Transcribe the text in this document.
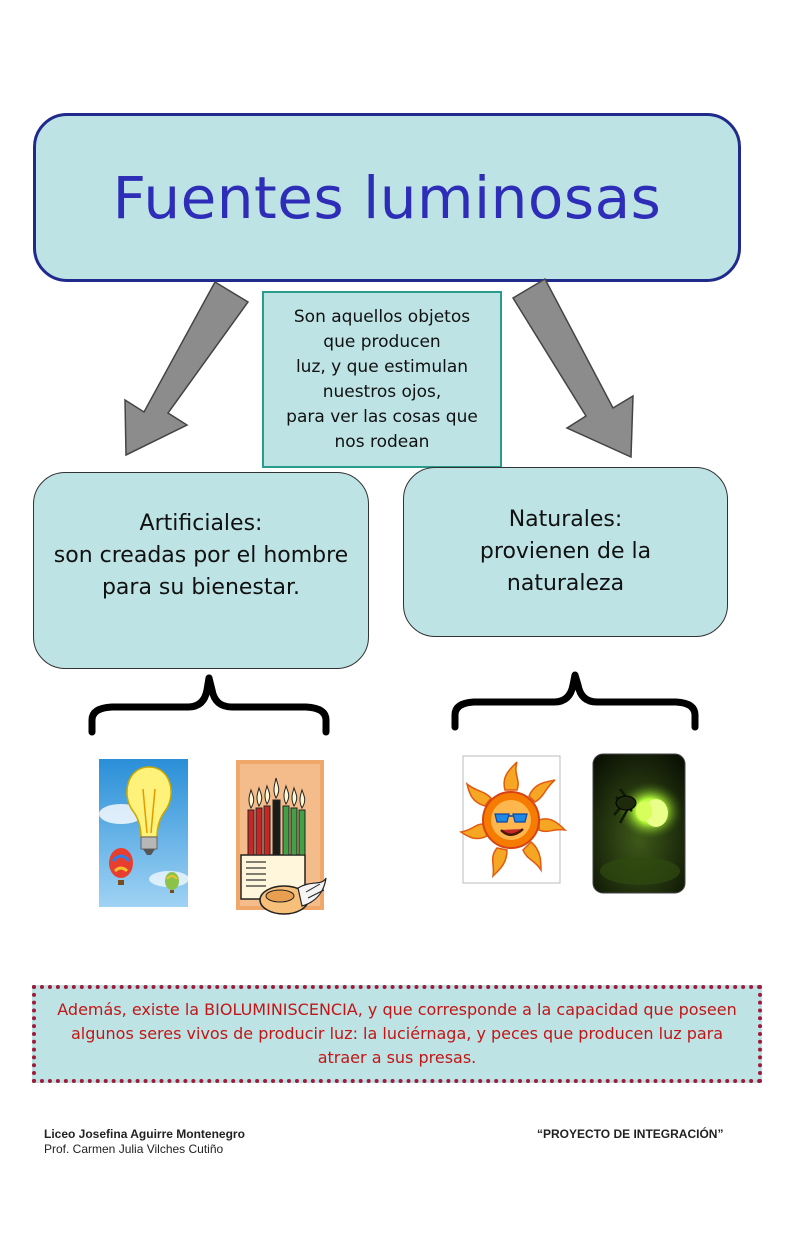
Fuentes luminosas
Son aquellos objetos
que producen
luz, y que estimulan
nuestros ojos,
para ver las cosas que
nos rodean
Artificiales:
son creadas por el hombre para su bienestar.
Naturales:
provienen de la naturaleza
Además, existe la BIOLUMINISCENCIA, y que corresponde a la capacidad que poseen algunos seres vivos de producir luz: la luciérnaga, y peces que producen luz para atraer a sus presas.
Liceo Josefina Aguirre Montenegro
Prof. Carmen Julia Vilches Cutiño
“PROYECTO DE INTEGRACIÓN”
